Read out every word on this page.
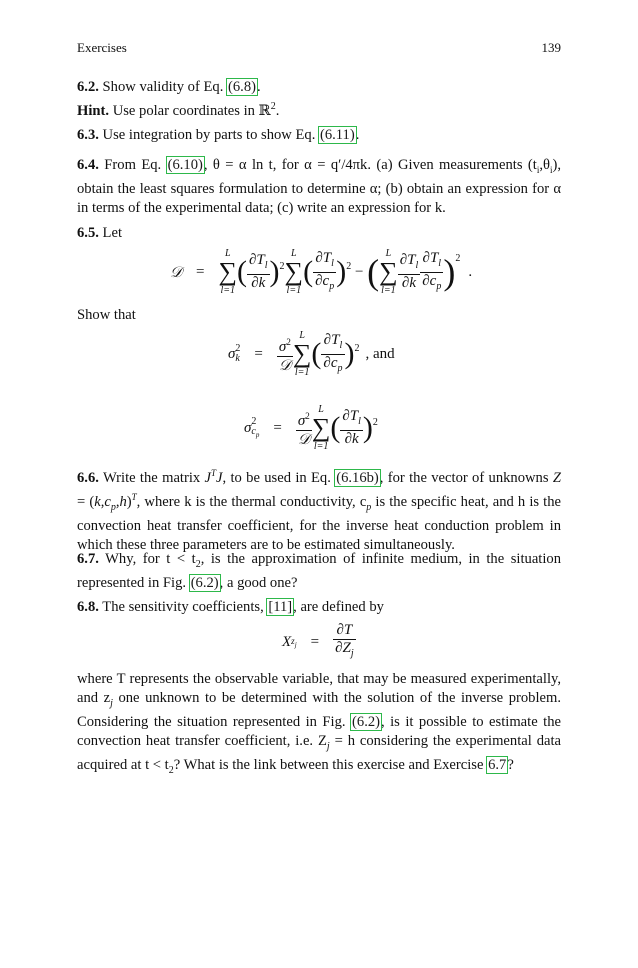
Exercises	139
6.2. Show validity of Eq. (6.8).
Hint. Use polar coordinates in ℝ$^2$.
6.3. Use integration by parts to show Eq. (6.11).
6.4. From Eq. (6.10), θ = α ln t, for α = q′/4πk. (a) Given measurements $(t_i,\theta_i)$, obtain the least squares formulation to determine α; (b) obtain an expression for α in terms of the experimental data; (c) write an expression for k.
6.5. Let
𝒟 =
L
∑
l=1
( $\frac{\partial T_l}{\partial k}$ ) 2
L
∑
l=1
( $\frac{\partial T_l}{\partial c_p}$ ) 2 − ( L
∑
$l=1 \frac{\partial T_l}{\partial k} \frac{\partial T_l}{\partial c_p}$ ) 2
.
Show that
σ 2
$k = \frac{\sigma^2}{\text{𝒟}}$ L
∑
l=1
( $\frac{\partial T_l}{\partial c_p}$ ) 2 , and
σ 2
$c_p = \frac{\sigma^2}{\text{𝒟}}$ L
∑
l=1
( $\frac{\partial T_l}{\partial k}$ ) 2
6.6. Write the matrix $J^TJ$, to be used in Eq. (6.16b), for the vector of unknowns $Z = (k,c_p,h)^T$, where k is the thermal conductivity, $c_p$ is the specific heat, and h is the convection heat transfer coefficient, for the inverse heat conduction problem in which these three parameters are to be estimated simultaneously.
6.7. Why, for $t < t_2$, is the approximation of infinite medium, in the situation represented in Fig. (6.2), a good one?
6.8. The sensitivity coefficients, [11], are defined by
X $z_j = \frac{\partial T}{\partial Z_j}$
where T represents the observable variable, that may be measured experimentally, and $z_j$ one unknown to be determined with the solution of the inverse problem. Considering the situation represented in Fig. (6.2), is it possible to estimate the convection heat transfer coefficient, i.e. $Z_j = h$ considering the experimental data acquired at $t < t_2$? What is the link between this exercise and Exercise 6.7?
